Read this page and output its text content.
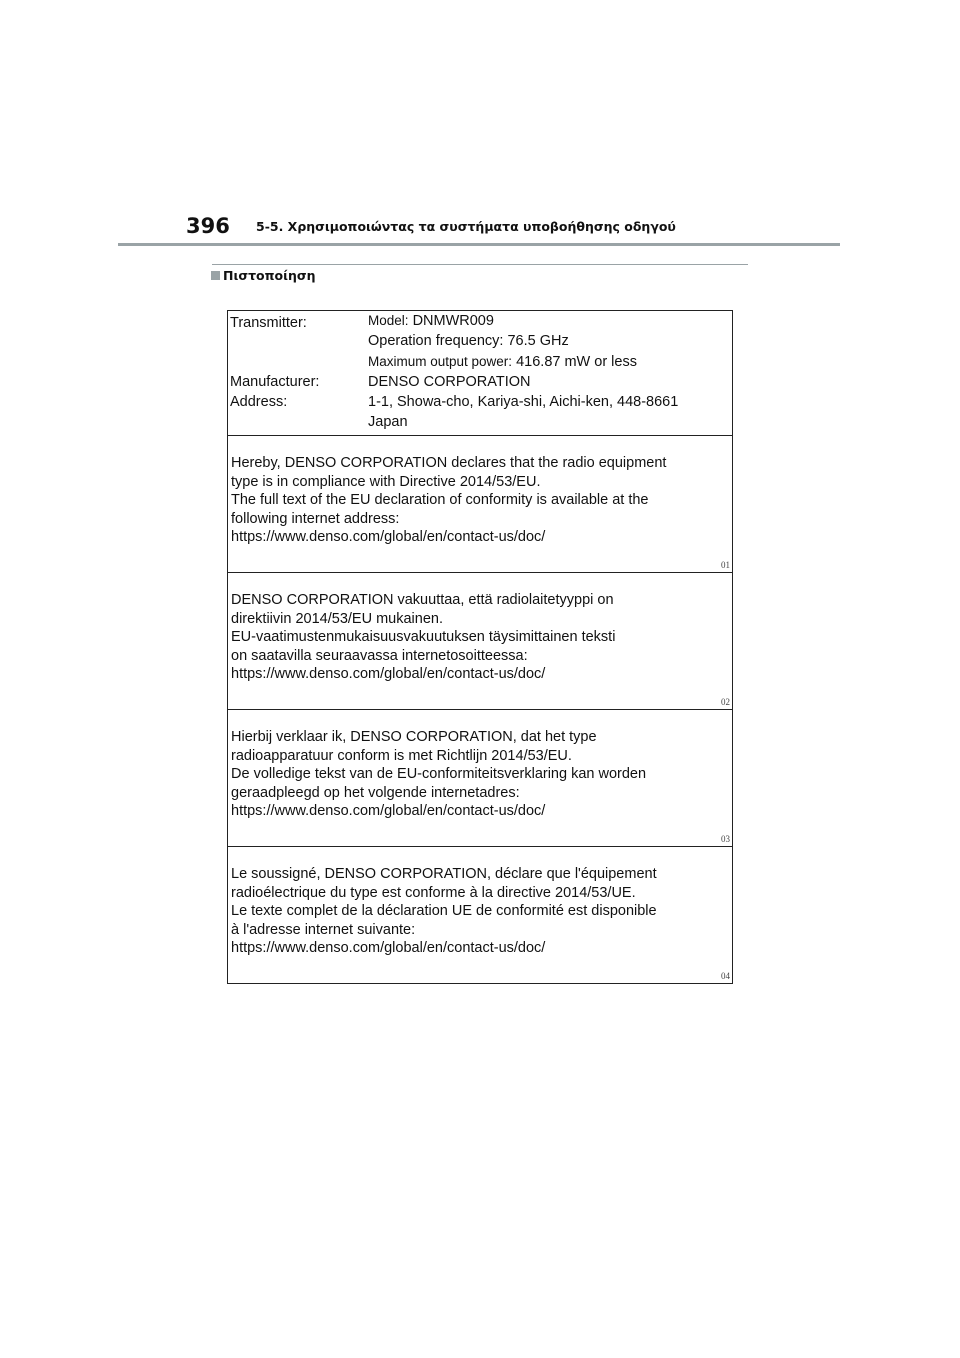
396 5-5. Χρησιμοποιώντας τα συστήματα υποβοήθησης οδηγού
Πιστοποίηση
Transmitter:	Model: DNMWR009
Operation frequency: 76.5 GHz
Maximum output power: 416.87 mW or less
Manufacturer:	DENSO CORPORATION
Address:	1-1, Showa-cho, Kariya-shi, Aichi-ken, 448-8661
Japan
Hereby, DENSO CORPORATION declares that the radio equipment
type is in compliance with Directive 2014/53/EU.
The full text of the EU declaration of conformity is available at the
following internet address:
https://www.denso.com/global/en/contact-us/doc/
01
DENSO CORPORATION vakuuttaa, että radiolaitetyyppi on
direktiivin 2014/53/EU mukainen.
EU-vaatimustenmukaisuusvakuutuksen täysimittainen teksti
on saatavilla seuraavassa internetosoitteessa:
https://www.denso.com/global/en/contact-us/doc/
02
Hierbij verklaar ik, DENSO CORPORATION, dat het type
radioapparatuur conform is met Richtlijn 2014/53/EU.
De volledige tekst van de EU-conformiteitsverklaring kan worden
geraadpleegd op het volgende internetadres:
https://www.denso.com/global/en/contact-us/doc/
03
Le soussigné, DENSO CORPORATION, déclare que l'équipement
radioélectrique du type est conforme à la directive 2014/53/UE.
Le texte complet de la déclaration UE de conformité est disponible
à l'adresse internet suivante:
https://www.denso.com/global/en/contact-us/doc/
04
